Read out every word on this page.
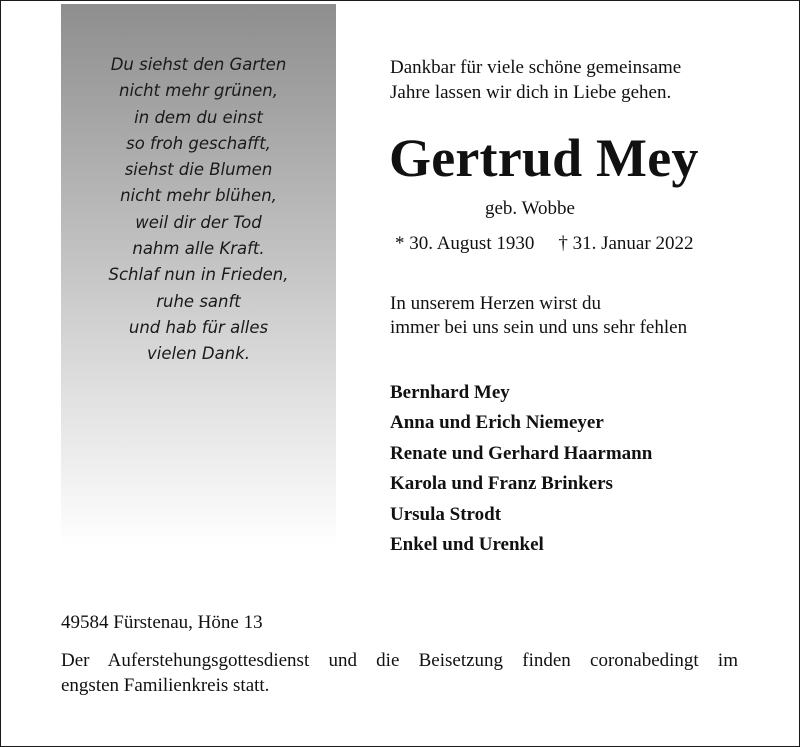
Du siehst den Garten
nicht mehr grünen,
in dem du einst
so froh geschafft,
siehst die Blumen
nicht mehr blühen,
weil dir der Tod
nahm alle Kraft.
Schlaf nun in Frieden,
ruhe sanft
und hab für alles
vielen Dank.
Dankbar für viele schöne gemeinsame
Jahre lassen wir dich in Liebe gehen.
Gertrud Mey
geb. Wobbe
* 30. August 1930 † 31. Januar 2022
In unserem Herzen wirst du
immer bei uns sein und uns sehr fehlen
Bernhard Mey
Anna und Erich Niemeyer
Renate und Gerhard Haarmann
Karola und Franz Brinkers
Ursula Strodt
Enkel und Urenkel
49584 Fürstenau, Höne 13
Der Auferstehungsgottesdienst und die Beisetzung finden coronabedingt im
engsten Familienkreis statt.
